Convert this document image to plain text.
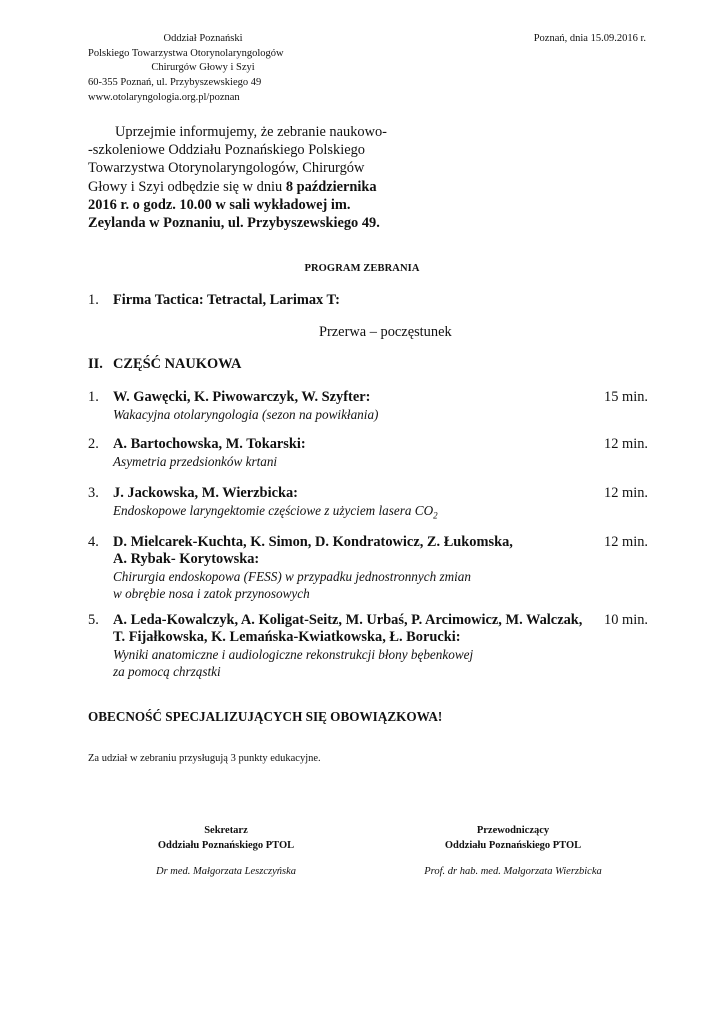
Oddział Poznański
Polskiego Towarzystwa Otorynolaryngologów
Chirurgów Głowy i Szyi
60-355 Poznań, ul. Przybyszewskiego 49
www.otolaryngologia.org.pl/poznan
Poznań, dnia 15.09.2016 r.
Uprzejmie informujemy, że zebranie naukowo-
-szkoleniowe Oddziału Poznańskiego Polskiego
Towarzystwa Otorynolaryngologów, Chirurgów
Głowy i Szyi odbędzie się w dniu 8 października
2016 r. o godz. 10.00 w sali wykładowej im.
Zeylanda w Poznaniu, ul. Przybyszewskiego 49.
PROGRAM ZEBRANIA
1. Firma Tactica: Tetractal, Larimax T:
Przerwa – poczęstunek
II. CZĘŚĆ NAUKOWA
1. W. Gawęcki, K. Piwowarczyk, W. Szyfter:
Wakacyjna otolaryngologia (sezon na powikłania)
15 min.
2. A. Bartochowska, M. Tokarski:
Asymetria przedsionków krtani
12 min.
3. J. Jackowska, M. Wierzbicka:
Endoskopowe laryngektomie częściowe z użyciem lasera $CO_2$
12 min.
4. D. Mielcarek-Kuchta, K. Simon, D. Kondratowicz, Z. Łukomska,
A. Rybak- Korytowska:
Chirurgia endoskopowa (FESS) w przypadku jednostronnych zmian
w obrębie nosa i zatok przynosowych
12 min.
5. A. Leda-Kowalczyk, A. Koligat-Seitz, M. Urbaś, P. Arcimowicz, M. Walczak,
T. Fijałkowska, K. Lemańska-Kwiatkowska, Ł. Borucki:
Wyniki anatomiczne i audiologiczne rekonstrukcji błony bębenkowej
za pomocą chrząstki
10 min.
OBECNOŚĆ SPECJALIZUJĄCYCH SIĘ OBOWIĄZKOWA!
Za udział w zebraniu przysługują 3 punkty edukacyjne.
Sekretarz
Oddziału Poznańskiego PTOL
Dr med. Małgorzata Leszczyńska
Przewodniczący
Oddziału Poznańskiego PTOL
Prof. dr hab. med. Małgorzata Wierzbicka
